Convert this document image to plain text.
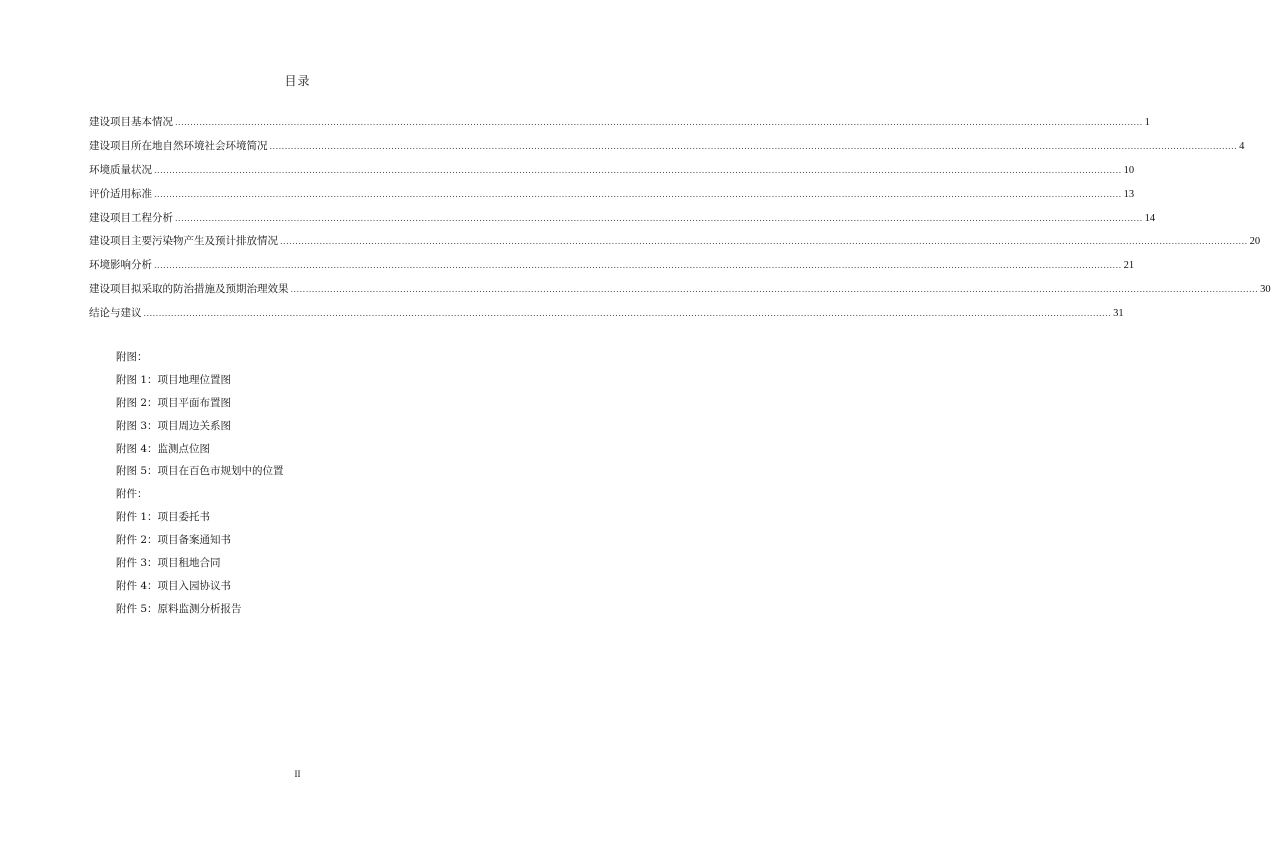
目录
建设项目基本情况 .............................................................................................................................................................................................................................................................................................................................. 1
建设项目所在地自然环境社会环境简况 .............................................................................................................................................................................................................................................................................................................................. 4
环境质量状况 .............................................................................................................................................................................................................................................................................................................................. 10
评价适用标准 .............................................................................................................................................................................................................................................................................................................................. 13
建设项目工程分析 .............................................................................................................................................................................................................................................................................................................................. 14
建设项目主要污染物产生及预计排放情况 .............................................................................................................................................................................................................................................................................................................................. 20
环境影响分析 .............................................................................................................................................................................................................................................................................................................................. 21
建设项目拟采取的防治措施及预期治理效果 .............................................................................................................................................................................................................................................................................................................................. 30
结论与建议 .............................................................................................................................................................................................................................................................................................................................. 31
附图：
附图 1：项目地理位置图
附图 2：项目平面布置图
附图 3：项目周边关系图
附图 4：监测点位图
附图 5：项目在百色市规划中的位置
附件：
附件 1：项目委托书
附件 2：项目备案通知书
附件 3：项目租地合同
附件 4：项目入园协议书
附件 5：原料监测分析报告
II
